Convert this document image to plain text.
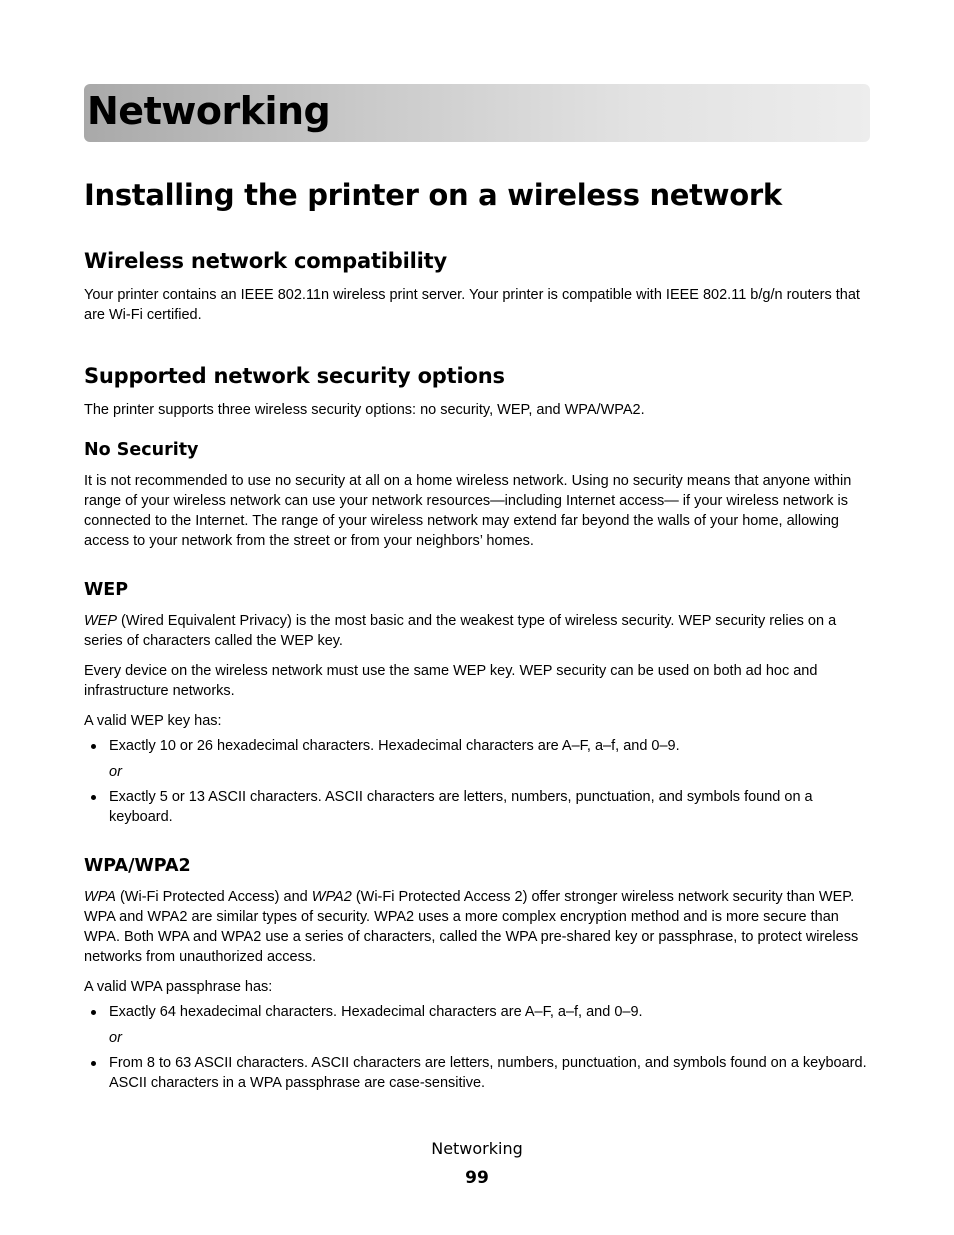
Networking
Installing the printer on a wireless network
Wireless network compatibility

Your printer contains an IEEE 802.11n wireless print server. Your printer is compatible with IEEE 802.11 b/g/n routers that are Wi-Fi certified.

Supported network security options

The printer supports three wireless security options: no security, WEP, and WPA/WPA2.

No Security

It is not recommended to use no security at all on a home wireless network. Using no security means that anyone within range of your wireless network can use your network resources—including Internet access— if your wireless network is connected to the Internet. The range of your wireless network may extend far beyond the walls of your home, allowing access to your network from the street or from your neighbors’ homes.

WEP

WEP (Wired Equivalent Privacy) is the most basic and the weakest type of wireless security. WEP security relies on a series of characters called the WEP key.

Every device on the wireless network must use the same WEP key. WEP security can be used on both ad hoc and infrastructure networks.

A valid WEP key has:

Exactly 10 or 26 hexadecimal characters. Hexadecimal characters are A–F, a–f, and 0–9.
or
Exactly 5 or 13 ASCII characters. ASCII characters are letters, numbers, punctuation, and symbols found on a keyboard.
WPA/WPA2

WPA (Wi-Fi Protected Access) and WPA2 (Wi-Fi Protected Access 2) offer stronger wireless network security than WEP. WPA and WPA2 are similar types of security. WPA2 uses a more complex encryption method and is more secure than WPA. Both WPA and WPA2 use a series of characters, called the WPA pre-shared key or passphrase, to protect wireless networks from unauthorized access.

A valid WPA passphrase has:

Exactly 64 hexadecimal characters. Hexadecimal characters are A–F, a–f, and 0–9.
or
From 8 to 63 ASCII characters. ASCII characters are letters, numbers, punctuation, and symbols found on a keyboard. ASCII characters in a WPA passphrase are case-sensitive.
Networking
99
